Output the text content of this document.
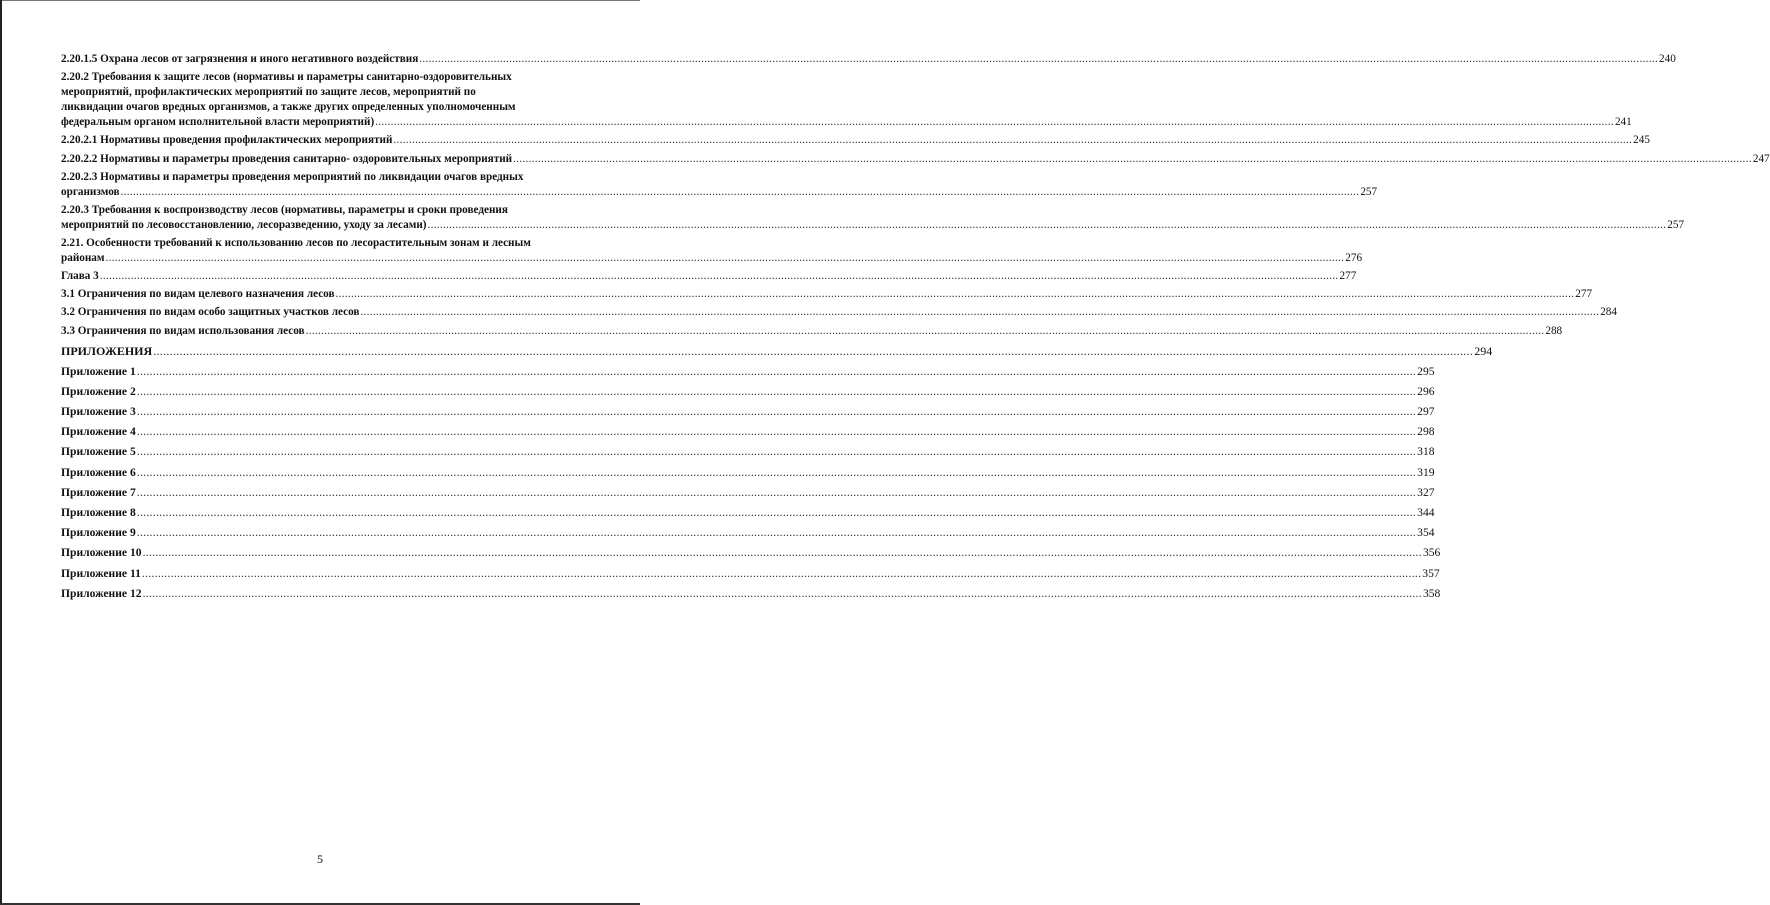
2.20.1.5 Охрана лесов от загрязнения и иного негативного воздействия ................................................................................................................................................................................................................................................................................................................................................................................................................ 240
2.20.2 Требования к защите лесов (нормативы и параметры санитарно-оздоровительных
мероприятий, профилактических мероприятий по защите лесов, мероприятий по
ликвидации очагов вредных организмов, а также других определенных уполномоченным
федеральным органом исполнительной власти мероприятий) ................................................................................................................................................................................................................................................................................................................................................................................................................ 241
2.20.2.1 Нормативы проведения профилактических мероприятий ................................................................................................................................................................................................................................................................................................................................................................................................................ 245
2.20.2.2 Нормативы и параметры проведения санитарно- оздоровительных мероприятий ................................................................................................................................................................................................................................................................................................................................................................................................................ 247
2.20.2.3 Нормативы и параметры проведения мероприятий по ликвидации очагов вредных
организмов ................................................................................................................................................................................................................................................................................................................................................................................................................ 257
2.20.3 Требования к воспроизводству лесов (нормативы, параметры и сроки проведения
мероприятий по лесовосстановлению, лесоразведению, уходу за лесами) ................................................................................................................................................................................................................................................................................................................................................................................................................ 257
2.21. Особенности требований к использованию лесов по лесорастительным зонам и лесным
районам ................................................................................................................................................................................................................................................................................................................................................................................................................ 276
Глава 3 ................................................................................................................................................................................................................................................................................................................................................................................................................ 277
3.1 Ограничения по видам целевого назначения лесов ................................................................................................................................................................................................................................................................................................................................................................................................................ 277
3.2 Ограничения по видам особо защитных участков лесов ................................................................................................................................................................................................................................................................................................................................................................................................................ 284
3.3 Ограничения по видам использования лесов ................................................................................................................................................................................................................................................................................................................................................................................................................ 288
ПРИЛОЖЕНИЯ ................................................................................................................................................................................................................................................................................................................................................................................................................ 294
Приложение 1 ................................................................................................................................................................................................................................................................................................................................................................................................................ 295
Приложение 2 ................................................................................................................................................................................................................................................................................................................................................................................................................ 296
Приложение 3 ................................................................................................................................................................................................................................................................................................................................................................................................................ 297
Приложение 4 ................................................................................................................................................................................................................................................................................................................................................................................................................ 298
Приложение 5 ................................................................................................................................................................................................................................................................................................................................................................................................................ 318
Приложение 6 ................................................................................................................................................................................................................................................................................................................................................................................................................ 319
Приложение 7 ................................................................................................................................................................................................................................................................................................................................................................................................................ 327
Приложение 8 ................................................................................................................................................................................................................................................................................................................................................................................................................ 344
Приложение 9 ................................................................................................................................................................................................................................................................................................................................................................................................................ 354
Приложение 10 ................................................................................................................................................................................................................................................................................................................................................................................................................ 356
Приложение 11 ................................................................................................................................................................................................................................................................................................................................................................................................................ 357
Приложение 12 ................................................................................................................................................................................................................................................................................................................................................................................................................ 358
5
